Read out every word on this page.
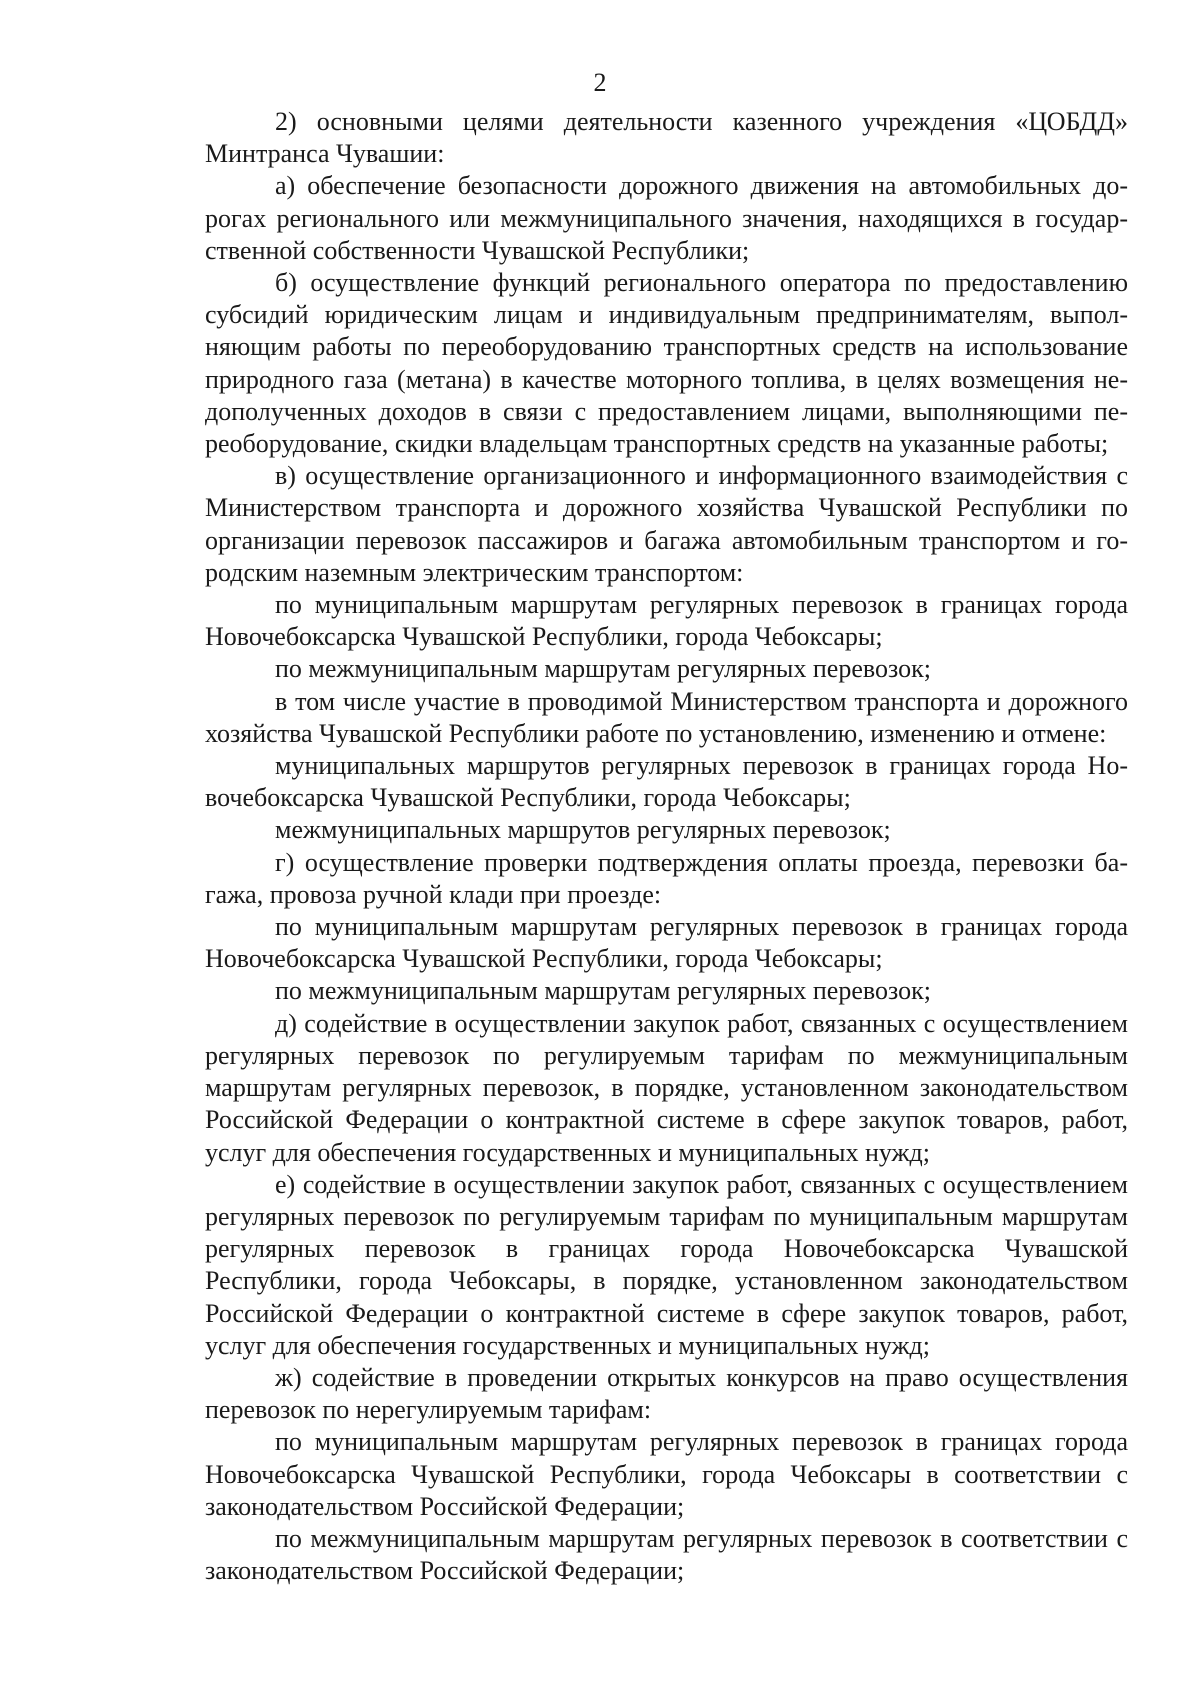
2

2) основными целями деятельности казенного учреждения «ЦОБДД» Минтранса Чувашии:

а) обеспечение безопасности дорожного движения на автомобильных дорогах регионального или межмуниципального значения, находящихся в государственной собственности Чувашской Республики;

б) осуществление функций регионального оператора по предоставлению субсидий юридическим лицам и индивидуальным предпринимателям, выполняющим работы по переоборудованию транспортных средств на использование природного газа (метана) в качестве моторного топлива, в целях возмещения недополученных доходов в связи с предоставлением лицами, выполняющими переоборудование, скидки владельцам транспортных средств на указанные работы;

в) осуществление организационного и информационного взаимодействия с Министерством транспорта и дорожного хозяйства Чувашской Республики по организации перевозок пассажиров и багажа автомобильным транспортом и городским наземным электрическим транспортом:

по муниципальным маршрутам регулярных перевозок в границах города Новочебоксарска Чувашской Республики, города Чебоксары;

по межмуниципальным маршрутам регулярных перевозок;

в том числе участие в проводимой Министерством транспорта и дорожного хозяйства Чувашской Республики работе по установлению, изменению и отмене:

муниципальных маршрутов регулярных перевозок в границах города Новочебоксарска Чувашской Республики, города Чебоксары;

межмуниципальных маршрутов регулярных перевозок;

г) осуществление проверки подтверждения оплаты проезда, перевозки багажа, провоза ручной клади при проезде:

по муниципальным маршрутам регулярных перевозок в границах города Новочебоксарска Чувашской Республики, города Чебоксары;

по межмуниципальным маршрутам регулярных перевозок;

д) содействие в осуществлении закупок работ, связанных с осуществлением регулярных перевозок по регулируемым тарифам по межмуниципальным маршрутам регулярных перевозок, в порядке, установленном законодательством Российской Федерации о контрактной системе в сфере закупок товаров, работ, услуг для обеспечения государственных и муниципальных нужд;

е) содействие в осуществлении закупок работ, связанных с осуществлением регулярных перевозок по регулируемым тарифам по муниципальным маршрутам регулярных перевозок в границах города Новочебоксарска Чувашской Республики, города Чебоксары, в порядке, установленном законодательством Российской Федерации о контрактной системе в сфере закупок товаров, работ, услуг для обеспечения государственных и муниципальных нужд;

ж) содействие в проведении открытых конкурсов на право осуществления перевозок по нерегулируемым тарифам:

по муниципальным маршрутам регулярных перевозок в границах города Новочебоксарска Чувашской Республики, города Чебоксары в соответствии с законодательством Российской Федерации;

по межмуниципальным маршрутам регулярных перевозок в соответствии с законодательством Российской Федерации;
